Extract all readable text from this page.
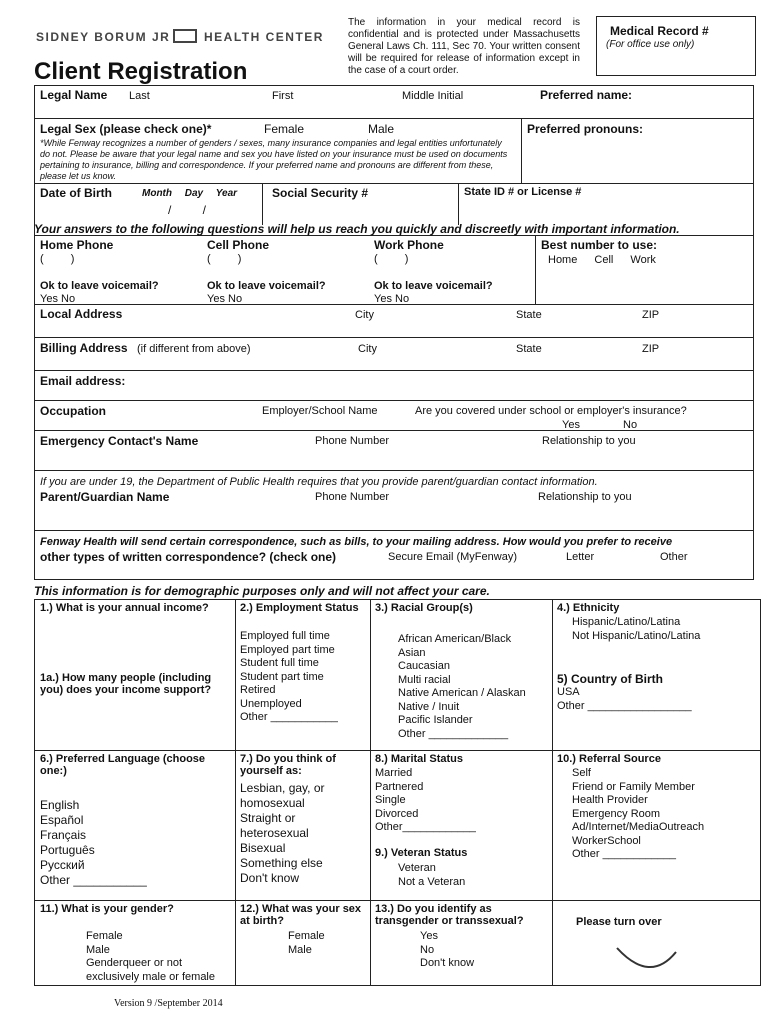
SIDNEY BORUM JR	HEALTH CENTER
Client Registration
The information in your medical record is confidential and is protected under Massachusetts General Laws Ch. 111, Sec 70. Your written consent will be required for release of information except in the case of a court order.
Medical Record #
(For office use only)
Legal Name Last	First	Middle Initial	Preferred name:
Legal Sex (please check one)*	Female	Male	Preferred pronouns:
*While Fenway recognizes a number of genders / sexes, many insurance companies and legal entities unfortunately do not. Please be aware that your legal name and sex you have listed on your insurance must be used on documents pertaining to insurance, billing and correspondence. If your preferred name and pronouns are different from these, please let us know.
Date of Birth	Month Day Year
/ /
Social Security #	State ID # or License #
Your answers to the following questions will help us reach you quickly and discreetly with important information.
Home Phone	Cell Phone	Work Phone	Best number to use:
Home Cell Work
( )	( )	( )
Ok to leave voicemail?	Ok to leave voicemail?	Ok to leave voicemail?
Yes No	Yes No	Yes No
Local Address	City	State	ZIP
Billing Address (if different from above)	City	State	ZIP
Email address:
Occupation	Employer/School Name	Are you covered under school or employer's insurance?
Yes	No
Emergency Contact's Name	Phone Number	Relationship to you
If you are under 19, the Department of Public Health requires that you provide parent/guardian contact information.
Parent/Guardian Name	Phone Number	Relationship to you
Fenway Health will send certain correspondence, such as bills, to your mailing address. How would you prefer to receive
other types of written correspondence? (check one)	Secure Email (MyFenway)	Letter	Other
This information is for demographic purposes only and will not affect your care.
1.) What is your annual income?
1a.) How many people (including you) does your income support?
2.) Employment Status
Employed full time
Employed part time
Student full time
Student part time
Retired
Unemployed
Other ___________
3.) Racial Group(s)
African American/Black
Asian
Caucasian
Multi racial
Native American / Alaskan Native / Inuit
Pacific Islander
Other _____________
4.) Ethnicity
Hispanic/Latino/Latina
Not Hispanic/Latino/Latina
5) Country of Birth
USA
Other _________________
6.) Preferred Language (choose one:)
English
Español
Français
Português
Русский
Other ___________
7.) Do you think of yourself as:
Lesbian, gay, or homosexual
Straight or heterosexual
Bisexual
Something else
Don't know
8.) Marital Status
Married
Partnered
Single
Divorced
Other____________
9.) Veteran Status
Veteran
Not a Veteran
10.) Referral Source
Self
Friend or Family Member
Health Provider
Emergency Room
Ad/Internet/MediaOutreach WorkerSchool
Other ____________
11.) What is your gender?
Female
Male
Genderqueer or not exclusively male or female
12.) What was your sex at birth?
Female
Male
13.) Do you identify as transgender or transsexual?
Yes
No
Don't know
Please turn over
Version 9 /September 2014
